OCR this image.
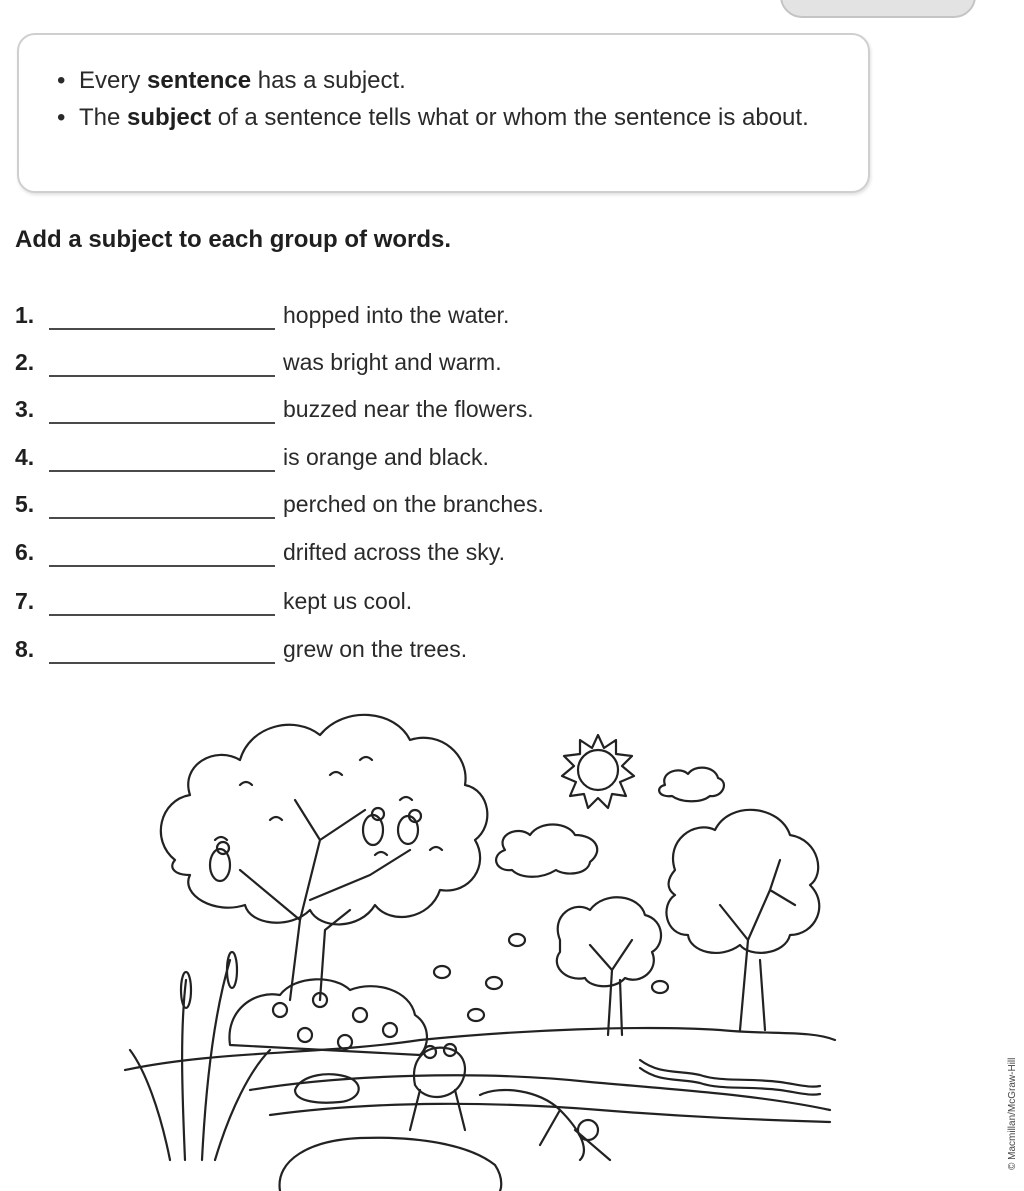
• Every sentence has a subject.
• The subject of a sentence tells what or whom the sentence is about.
Add a subject to each group of words.
1.	hopped into the water.
2.	was bright and warm.
3.	buzzed near the flowers.
4.	is orange and black.
5.	perched on the branches.
6.	drifted across the sky.
7.	kept us cool.
8.	grew on the trees.
© Macmillan/McGraw-Hill
